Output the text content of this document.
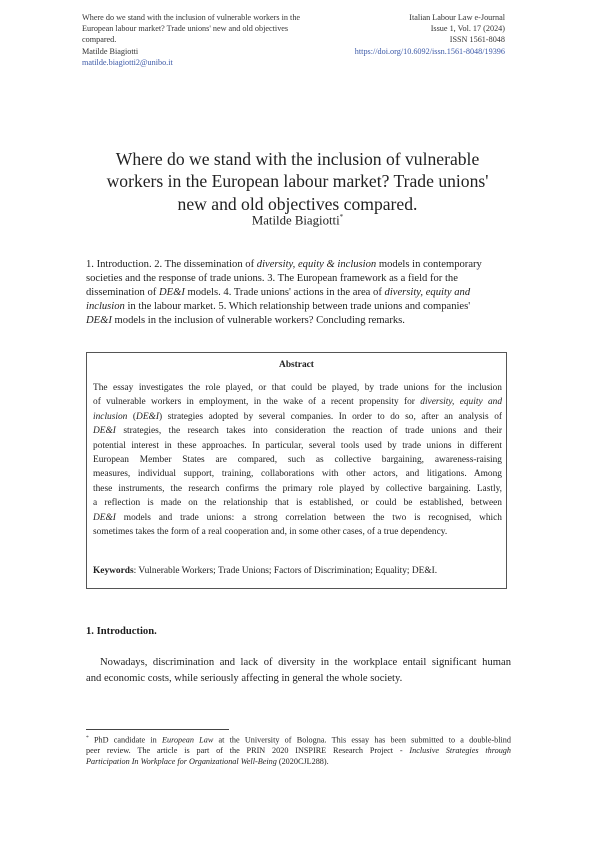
Where do we stand with the inclusion of vulnerable workers in the
European labour market? Trade unions' new and old objectives
compared.
Matilde Biagiotti
matilde.biagiotti2@unibo.it
Italian Labour Law e-Journal
Issue 1, Vol. 17 (2024)
ISSN 1561-8048
https://doi.org/10.6092/issn.1561-8048/19396
Where do we stand with the inclusion of vulnerable
workers in the European labour market? Trade unions'
new and old objectives compared.
Matilde Biagiotti*
1. Introduction. 2. The dissemination of diversity, equity & inclusion models in contemporary
societies and the response of trade unions. 3. The European framework as a field for the
dissemination of DE&I models. 4. Trade unions' actions in the area of diversity, equity and
inclusion in the labour market. 5. Which relationship between trade unions and companies'
DE&I models in the inclusion of vulnerable workers? Concluding remarks.
Abstract
The essay investigates the role played, or that could be played, by trade unions for the inclusion
of vulnerable workers in employment, in the wake of a recent propensity for diversity, equity and
inclusion (DE&I) strategies adopted by several companies. In order to do so, after an analysis of
DE&I strategies, the research takes into consideration the reaction of trade unions and their
potential interest in these approaches. In particular, several tools used by trade unions in different
European Member States are compared, such as collective bargaining, awareness-raising
measures, individual support, training, collaborations with other actors, and litigations. Among
these instruments, the research confirms the primary role played by collective bargaining. Lastly,
a reflection is made on the relationship that is established, or could be established, between
DE&I models and trade unions: a strong correlation between the two is recognised, which
sometimes takes the form of a real cooperation and, in some other cases, of a true dependency.
Keywords: Vulnerable Workers; Trade Unions; Factors of Discrimination; Equality; DE&I.
1. Introduction.
Nowadays, discrimination and lack of diversity in the workplace entail significant human
and economic costs, while seriously affecting in general the whole society.
* PhD candidate in European Law at the University of Bologna. This essay has been submitted to a double-blind
peer review. The article is part of the PRIN 2020 INSPIRE Research Project - Inclusive Strategies through
Participation In Workplace for Organizational Well-Being (2020CJL288).
